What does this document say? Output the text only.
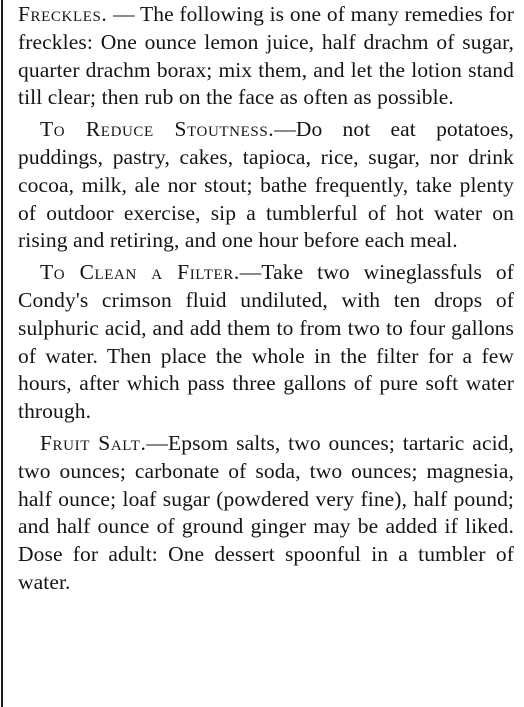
Freckles. — The following is one of many remedies for freckles: One ounce lemon juice, half drachm of sugar, quarter drachm borax; mix them, and let the lotion stand till clear; then rub on the face as often as possible.

To Reduce Stoutness.—Do not eat potatoes, puddings, pastry, cakes, tapioca, rice, sugar, nor drink cocoa, milk, ale nor stout; bathe frequently, take plenty of outdoor exercise, sip a tumblerful of hot water on rising and retiring, and one hour before each meal.

To Clean a Filter.—Take two wineglassfuls of Condy's crimson fluid undiluted, with ten drops of sulphuric acid, and add them to from two to four gallons of water. Then place the whole in the filter for a few hours, after which pass three gallons of pure soft water through.

Fruit Salt.—Epsom salts, two ounces; tartaric acid, two ounces; carbonate of soda, two ounces; magnesia, half ounce; loaf sugar (powdered very fine), half pound; and half ounce of ground ginger may be added if liked. Dose for adult: One dessert spoonful in a tumbler of water.
